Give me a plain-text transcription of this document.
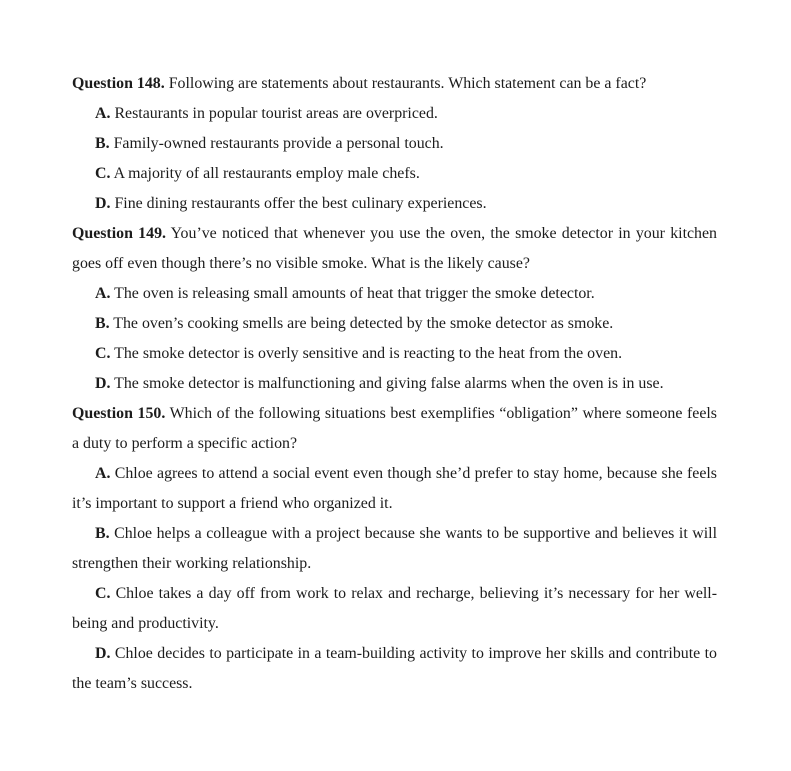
Question 148. Following are statements about restaurants. Which statement can be a fact?

A. Restaurants in popular tourist areas are overpriced.

B. Family-owned restaurants provide a personal touch.

C. A majority of all restaurants employ male chefs.

D. Fine dining restaurants offer the best culinary experiences.

Question 149. You’ve noticed that whenever you use the oven, the smoke detector in your kitchen goes off even though there’s no visible smoke. What is the likely cause?

A. The oven is releasing small amounts of heat that trigger the smoke detector.

B. The oven’s cooking smells are being detected by the smoke detector as smoke.

C. The smoke detector is overly sensitive and is reacting to the heat from the oven.

D. The smoke detector is malfunctioning and giving false alarms when the oven is in use.

Question 150. Which of the following situations best exemplifies “obligation” where someone feels a duty to perform a specific action?

A. Chloe agrees to attend a social event even though she’d prefer to stay home, because she feels it’s important to support a friend who organized it.

B. Chloe helps a colleague with a project because she wants to be supportive and believes it will strengthen their working relationship.

C. Chloe takes a day off from work to relax and recharge, believing it’s necessary for her well-being and productivity.

D. Chloe decides to participate in a team-building activity to improve her skills and contribute to the team’s success.
